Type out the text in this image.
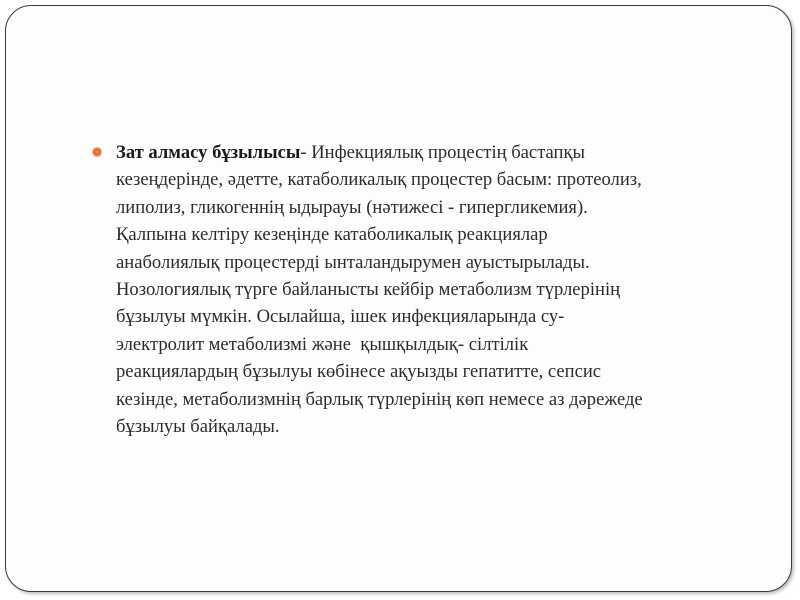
Зат алмасу бұзылысы- Инфекциялық процестің бастапқы
кезеңдерінде, әдетте, катаболикалық процестер басым: протеолиз,
липолиз, гликогеннің ыдырауы (нәтижесі - гипергликемия).
Қалпына келтіру кезеңінде катаболикалық реакциялар
анаболиялық процестерді ынталандырумен ауыстырылады.
Нозологиялық түрге байланысты кейбір метаболизм түрлерінің
бұзылуы мүмкін. Осылайша, ішек инфекцияларында су-
электролит метаболизмі және  қышқылдық- сілтілік
реакциялардың бұзылуы көбінесе ақуызды гепатитте, сепсис
кезінде, метаболизмнің барлық түрлерінің көп немесе аз дәрежеде
бұзылуы байқалады.
